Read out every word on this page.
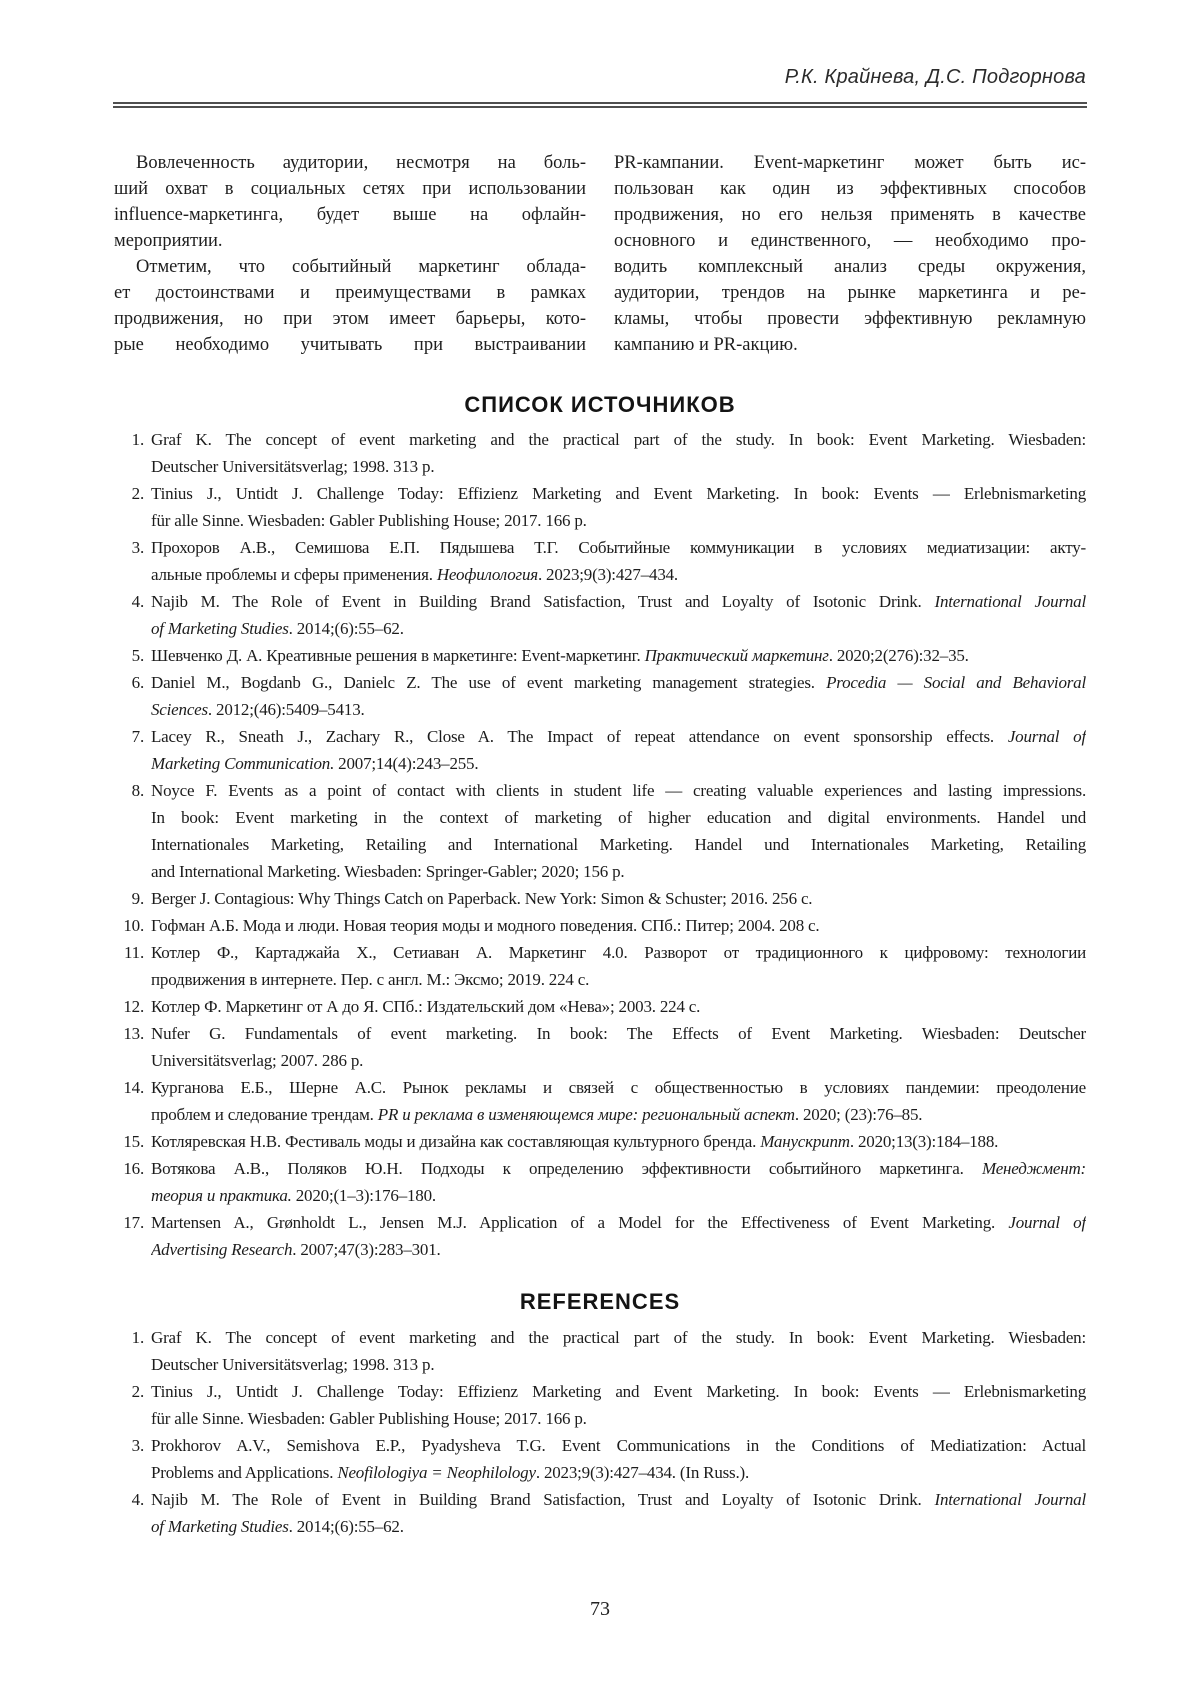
Р.К. Крайнева, Д.С. Подгорнова
Вовлеченность аудитории, несмотря на боль-
ший охват в социальных сетях при использовании
influence-маркетинга, будет выше на офлайн-
мероприятии.
Отметим, что событийный маркетинг облада-
ет достоинствами и преимуществами в рамках
продвижения, но при этом имеет барьеры, кото-
рые необходимо учитывать при выстраивании
PR-кампании. Event-маркетинг может быть ис-
пользован как один из эффективных способов
продвижения, но его нельзя применять в качестве
основного и единственного, — необходимо про-
водить комплексный анализ среды окружения,
аудитории, трендов на рынке маркетинга и ре-
кламы, чтобы провести эффективную рекламную
кампанию и PR-акцию.
СПИСОК ИСТОЧНИКОВ
1. Graf K. The concept of event marketing and the practical part of the study. In book: Event Marketing. Wiesbaden:
Deutscher Universitätsverlag; 1998. 313 p.
2. Tinius J., Untidt J. Challenge Today: Effizienz Marketing and Event Marketing. In book: Events — Erlebnismarketing
für alle Sinne. Wiesbaden: Gabler Publishing House; 2017. 166 p.
3. Прохоров А.В., Семишова Е.П. Пядышева Т.Г. Событийные коммуникации в условиях медиатизации: акту-
альные проблемы и сферы применения. Неофилология. 2023;9(3):427–434.
4. Najib M. The Role of Event in Building Brand Satisfaction, Trust and Loyalty of Isotonic Drink. International Journal
of Marketing Studies. 2014;(6):55–62.
5. Шевченко Д. А. Креативные решения в маркетинге: Event-маркетинг. Практический маркетинг. 2020;2(276):32–35.
6. Daniel M., Bogdanb G., Danielc Z. The use of event marketing management strategies. Procedia — Social and Behavioral
Sciences. 2012;(46):5409–5413.
7. Lacey R., Sneath J., Zachary R., Close A. The Impact of repeat attendance on event sponsorship effects. Journal of
Marketing Communication. 2007;14(4):243–255.
8. Noyce F. Events as a point of contact with clients in student life — creating valuable experiences and lasting impressions.
In book: Event marketing in the context of marketing of higher education and digital environments. Handel und
Internationales Marketing, Retailing and International Marketing. Handel und Internationales Marketing, Retailing
and International Marketing. Wiesbaden: Springer-Gabler; 2020; 156 p.
9. Berger J. Contagious: Why Things Catch on Paperback. New York: Simon & Schuster; 2016. 256 с.
10. Гофман А.Б. Мода и люди. Новая теория моды и модного поведения. СПб.: Питер; 2004. 208 с.
11. Котлер Ф., Картаджайа Х., Сетиаван А. Маркетинг 4.0. Разворот от традиционного к цифровому: технологии
продвижения в интернете. Пер. с англ. М.: Эксмо; 2019. 224 с.
12. Котлер Ф. Маркетинг от А до Я. СПб.: Издательский дом «Нева»; 2003. 224 с.
13. Nufer G. Fundamentals of event marketing. In book: The Effects of Event Marketing. Wiesbaden: Deutscher
Universitätsverlag; 2007. 286 p.
14. Курганова Е.Б., Шерне А.С. Рынок рекламы и связей с общественностью в условиях пандемии: преодоление
проблем и следование трендам. PR и реклама в изменяющемся мире: региональный аспект. 2020; (23):76–85.
15. Котляревская Н.В. Фестиваль моды и дизайна как составляющая культурного бренда. Манускрипт. 2020;13(3):184–188.
16. Вотякова А.В., Поляков Ю.Н. Подходы к определению эффективности событийного маркетинга. Менеджмент:
теория и практика. 2020;(1–3):176–180.
17. Martensen A., Grønholdt L., Jensen M.J. Application of a Model for the Effectiveness of Event Marketing. Journal of
Advertising Research. 2007;47(3):283–301.
REFERENCES
1. Graf K. The concept of event marketing and the practical part of the study. In book: Event Marketing. Wiesbaden:
Deutscher Universitätsverlag; 1998. 313 p.
2. Tinius J., Untidt J. Challenge Today: Effizienz Marketing and Event Marketing. In book: Events — Erlebnismarketing
für alle Sinne. Wiesbaden: Gabler Publishing House; 2017. 166 p.
3. Prokhorov A.V., Semishova E.P., Pyadysheva T.G. Event Communications in the Conditions of Mediatization: Actual
Problems and Applications. Neofilologiya = Neophilology. 2023;9(3):427–434. (In Russ.).
4. Najib M. The Role of Event in Building Brand Satisfaction, Trust and Loyalty of Isotonic Drink. International Journal
of Marketing Studies. 2014;(6):55–62.
73
